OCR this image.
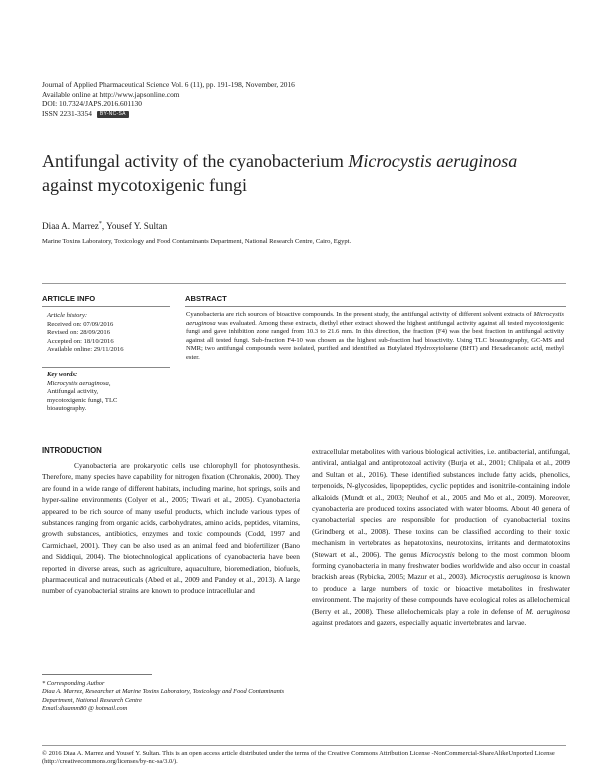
Journal of Applied Pharmaceutical Science Vol. 6 (11), pp. 191-198, November, 2016
Available online at http://www.japsonline.com
DOI: 10.7324/JAPS.2016.601130
ISSN 2231-3354 BY-NC-SA
Antifungal activity of the cyanobacterium Microcystis aeruginosa
against mycotoxigenic fungi
Diaa A. Marrez*, Yousef Y. Sultan
Marine Toxins Laboratory, Toxicology and Food Contaminants Department, National Research Centre, Cairo, Egypt.
ARTICLE INFO
Article history:
Received on: 07/09/2016
Revised on: 28/09/2016
Accepted on: 18/10/2016
Available online: 29/11/2016
Key words:
Microcystis aeruginosa,
Antifungal activity,
mycotoxigenic fungi, TLC
bioautography.
ABSTRACT
Cyanobacteria are rich sources of bioactive compounds. In the present study, the antifungal activity of different solvent extracts of Microcystis aeruginosa was evaluated. Among these extracts, diethyl ether extract showed the highest antifungal activity against all tested mycotoxigenic fungi and gave inhibition zone ranged from 10.3 to 21.6 mm. In this direction, the fraction (F4) was the best fraction in antifungal activity against all tested fungi. Sub-fraction F4-10 was chosen as the highest sub-fraction had bioactivity. Using TLC bioautography, GC-MS and NMR; two antifungal compounds were isolated, purified and identified as Butylated Hydroxytoluene (BHT) and Hexadecanoic acid, methyl ester.
INTRODUCTION

Cyanobacteria are prokaryotic cells use chlorophyll for photosynthesis. Therefore, many species have capability for nitrogen fixation (Chronakis, 2000). They are found in a wide range of different habitats, including marine, hot springs, soils and hyper-saline environments (Colyer et al., 2005; Tiwari et al., 2005). Cyanobacteria appeared to be rich source of many useful products, which include various types of substances ranging from organic acids, carbohydrates, amino acids, peptides, vitamins, growth substances, antibiotics, enzymes and toxic compounds (Codd, 1997 and Carmichael, 2001). They can be also used as an animal feed and biofertilizer (Bano and Siddiqui, 2004). The biotechnological applications of cyanobacteria have been reported in diverse areas, such as agriculture, aquaculture, bioremediation, biofuels, pharmaceutical and nutraceuticals (Abed et al., 2009 and Pandey et al., 2013). A large number of cyanobacterial strains are known to produce intracellular and

extracellular metabolites with various biological activities, i.e. antibacterial, antifungal, antiviral, antialgal and antiprotozoal activity (Burja et al., 2001; Chlipala et al., 2009 and Sultan et al., 2016). These identified substances include fatty acids, phenolics, terpenoids, N-glycosides, lipopeptides, cyclic peptides and isonitrile-containing indole alkaloids (Mundt et al., 2003; Neuhof et al., 2005 and Mo et al., 2009). Moreover, cyanobacteria are produced toxins associated with water blooms. About 40 genera of cyanobacterial species are responsible for production of cyanobacterial toxins (Grindberg et al., 2008). These toxins can be classified according to their toxic mechanism in vertebrates as hepatotoxins, neurotoxins, irritants and dermatotoxins (Stewart et al., 2006). The genus Microcystis belong to the most common bloom forming cyanobacteria in many freshwater bodies worldwide and also occur in coastal brackish areas (Rybicka, 2005; Mazur et al., 2003). Microcystis aeruginosa is known to produce a large numbers of toxic or bioactive metabolites in freshwater environment. The majority of these compounds have ecological roles as allelochemical (Berry et al., 2008). These allelochemicals play a role in defense of M. aeruginosa against predators and gazers, especially aquatic invertebrates and larvae.

* Corresponding Author
Diaa A. Marrez, Researcher at Marine Toxins Laboratory, Toxicology and Food Contaminants Department, National Research Centre
Email:diaamm80 @ hotmail.com
© 2016 Diaa A. Marrez and Yousef Y. Sultan. This is an open access article distributed under the terms of the Creative Commons Attribution License -NonCommercial-ShareAlikeUnported License (http://creativecommons.org/licenses/by-nc-sa/3.0/).
